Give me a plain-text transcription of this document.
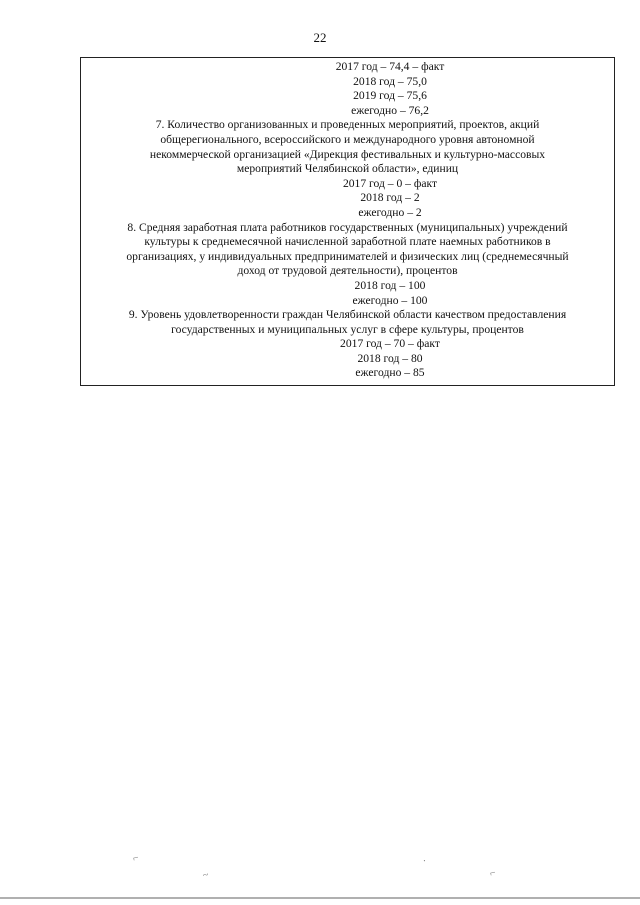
22
2017 год – 74,4 – факт
2018 год – 75,0
2019 год – 75,6
ежегодно – 76,2
7. Количество организованных и проведенных мероприятий, проектов, акций
общерегионального, всероссийского и международного уровня автономной
некоммерческой организацией «Дирекция фестивальных и культурно-массовых
мероприятий Челябинской области», единиц
2017 год – 0 – факт
2018 год – 2
ежегодно – 2
8. Средняя заработная плата работников государственных (муниципальных) учреждений
культуры к среднемесячной начисленной заработной плате наемных работников в
организациях, у индивидуальных предпринимателей и физических лиц (среднемесячный
доход от трудовой деятельности), процентов
2018 год – 100
ежегодно – 100
9. Уровень удовлетворенности граждан Челябинской области качеством предоставления
государственных и муниципальных услуг в сфере культуры, процентов
2017 год – 70 – факт
2018 год – 80
ежегодно – 85
⌐
~
·
⌐
